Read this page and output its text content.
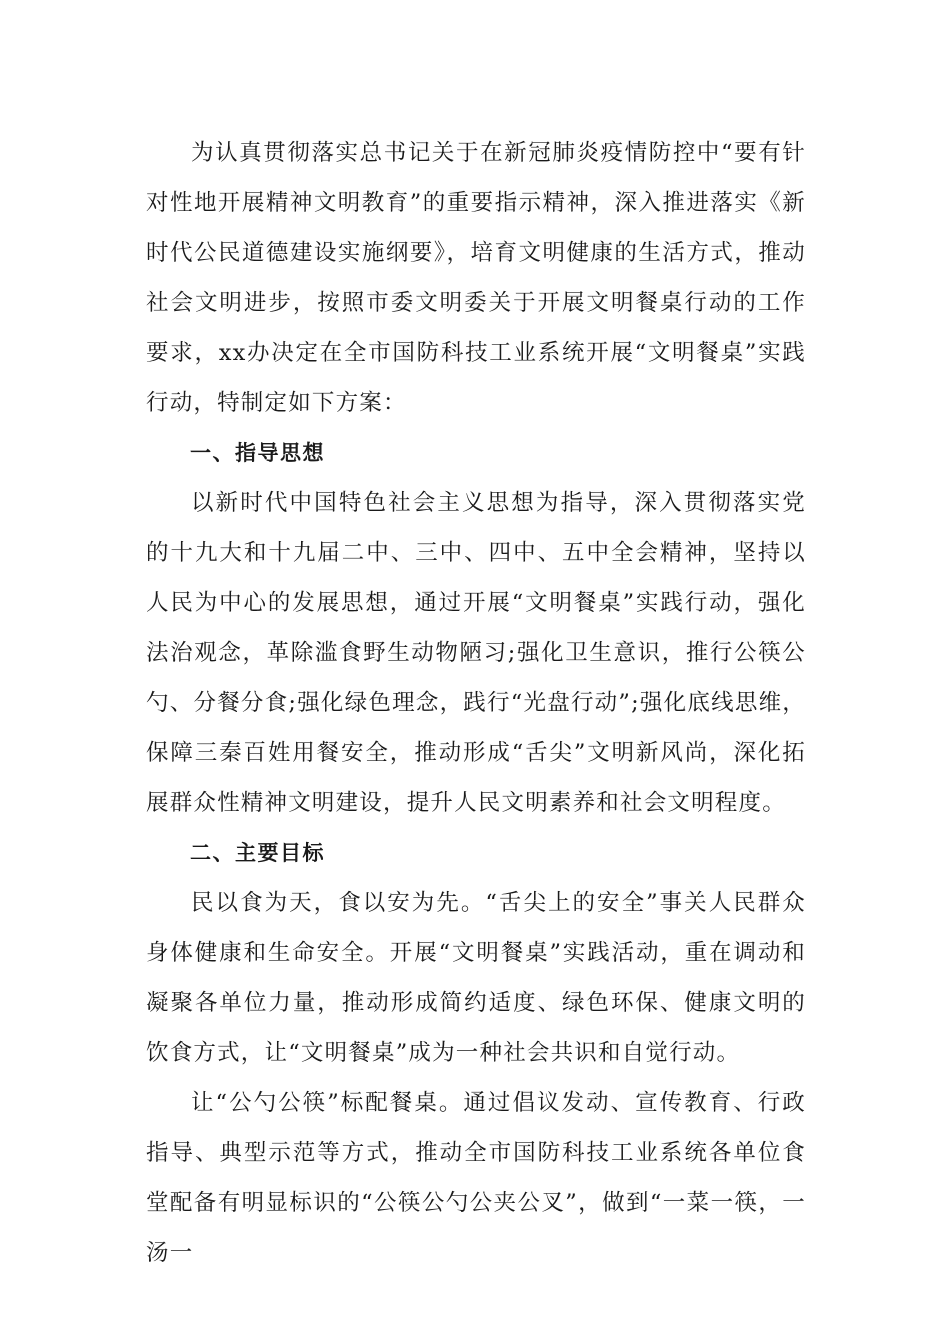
为认真贯彻落实总书记关于在新冠肺炎疫情防控中“要有针对性地开展精神文明教育”的重要指示精神，深入推进落实《新时代公民道德建设实施纲要》，培育文明健康的生活方式，推动社会文明进步，按照市委文明委关于开展文明餐桌行动的工作要求，xx办决定在全市国防科技工业系统开展“文明餐桌”实践行动，特制定如下方案：

一、指导思想

以新时代中国特色社会主义思想为指导，深入贯彻落实党的十九大和十九届二中、三中、四中、五中全会精神，坚持以人民为中心的发展思想，通过开展“文明餐桌”实践行动，强化法治观念，革除滥食野生动物陋习;强化卫生意识，推行公筷公勺、分餐分食;强化绿色理念，践行“光盘行动”;强化底线思维，保障三秦百姓用餐安全，推动形成“舌尖”文明新风尚，深化拓展群众性精神文明建设，提升人民文明素养和社会文明程度。

二、主要目标

民以食为天，食以安为先。“舌尖上的安全”事关人民群众身体健康和生命安全。开展“文明餐桌”实践活动，重在调动和凝聚各单位力量，推动形成简约适度、绿色环保、健康文明的饮食方式，让“文明餐桌”成为一种社会共识和自觉行动。

让“公勺公筷”标配餐桌。通过倡议发动、宣传教育、行政指导、典型示范等方式，推动全市国防科技工业系统各单位食堂配备有明显标识的“公筷公勺公夹公叉”，做到“一菜一筷，一汤一
